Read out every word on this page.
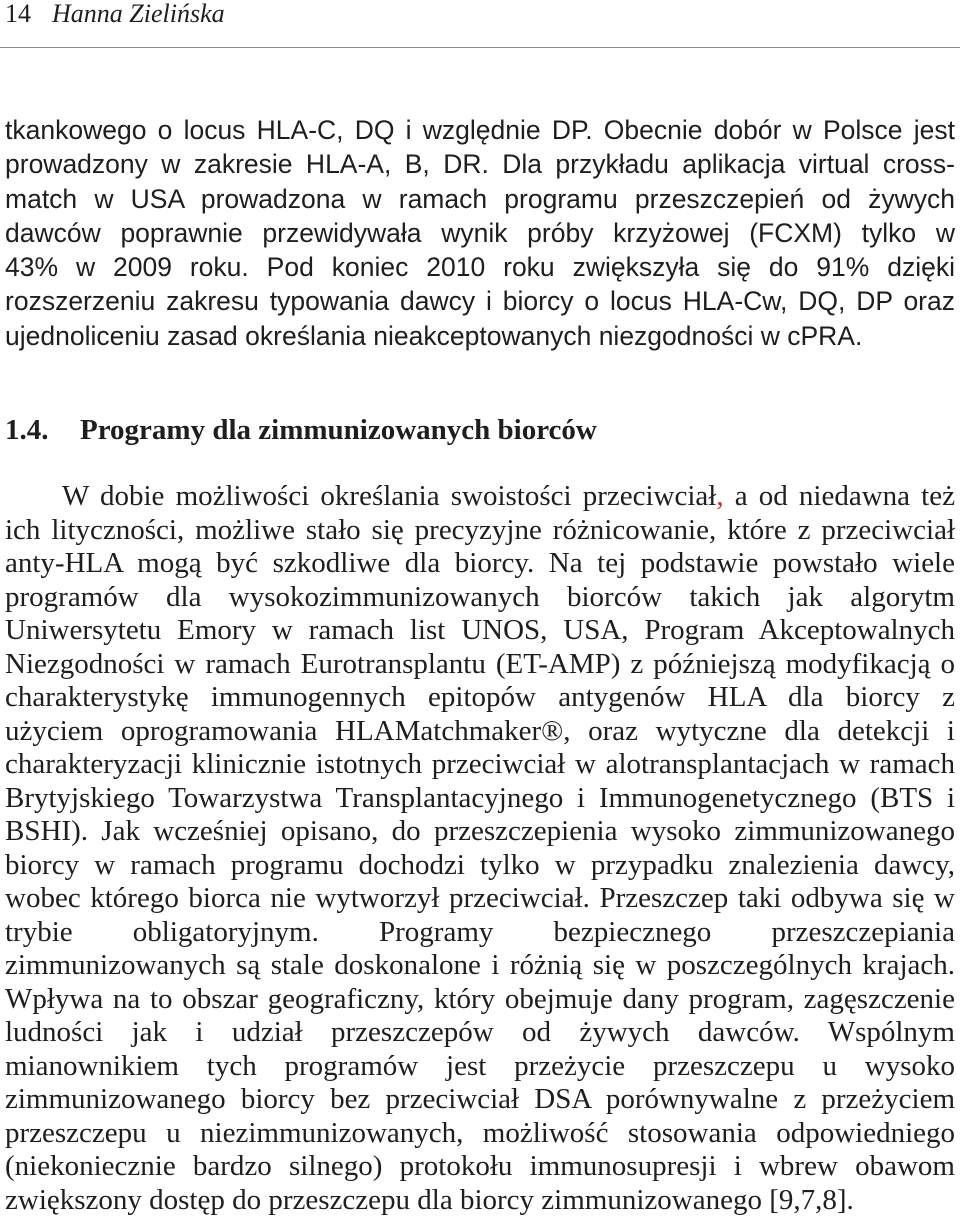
14 Hanna Zielińska
tkankowego o locus HLA-C, DQ i względnie DP. Obecnie dobór w Polsce jest
prowadzony w zakresie HLA-A, B, DR. Dla przykładu aplikacja virtual cross-
match w USA prowadzona w ramach programu przeszczepień od żywych
dawców poprawnie przewidywała wynik próby krzyżowej (FCXM) tylko w
43% w 2009 roku. Pod koniec 2010 roku zwiększyła się do 91% dzięki
rozszerzeniu zakresu typowania dawcy i biorcy o locus HLA-Cw, DQ, DP oraz
ujednoliceniu zasad określania nieakceptowanych niezgodności w cPRA.
1.4. Programy dla zimmunizowanych biorców
W dobie możliwości określania swoistości przeciwciał, a od niedawna też
ich lityczności, możliwe stało się precyzyjne różnicowanie, które z przeciwciał
anty-HLA mogą być szkodliwe dla biorcy. Na tej podstawie powstało wiele
programów dla wysokozimmunizowanych biorców takich jak algorytm
Uniwersytetu Emory w ramach list UNOS, USA, Program Akceptowalnych
Niezgodności w ramach Eurotransplantu (ET-AMP) z późniejszą modyfikacją o
charakterystykę immunogennych epitopów antygenów HLA dla biorcy z
użyciem oprogramowania HLAMatchmaker®, oraz wytyczne dla detekcji i
charakteryzacji klinicznie istotnych przeciwciał w alotransplantacjach w ramach
Brytyjskiego Towarzystwa Transplantacyjnego i Immunogenetycznego (BTS i
BSHI). Jak wcześniej opisano, do przeszczepienia wysoko zimmunizowanego
biorcy w ramach programu dochodzi tylko w przypadku znalezienia dawcy,
wobec którego biorca nie wytworzył przeciwciał. Przeszczep taki odbywa się w
trybie obligatoryjnym. Programy bezpiecznego przeszczepiania
zimmunizowanych są stale doskonalone i różnią się w poszczególnych krajach.
Wpływa na to obszar geograficzny, który obejmuje dany program, zagęszczenie
ludności jak i udział przeszczepów od żywych dawców. Wspólnym
mianownikiem tych programów jest przeżycie przeszczepu u wysoko
zimmunizowanego biorcy bez przeciwciał DSA porównywalne z przeżyciem
przeszczepu u niezimmunizowanych, możliwość stosowania odpowiedniego
(niekoniecznie bardzo silnego) protokołu immunosupresji i wbrew obawom
zwiększony dostęp do przeszczepu dla biorcy zimmunizowanego [9,7,8].
